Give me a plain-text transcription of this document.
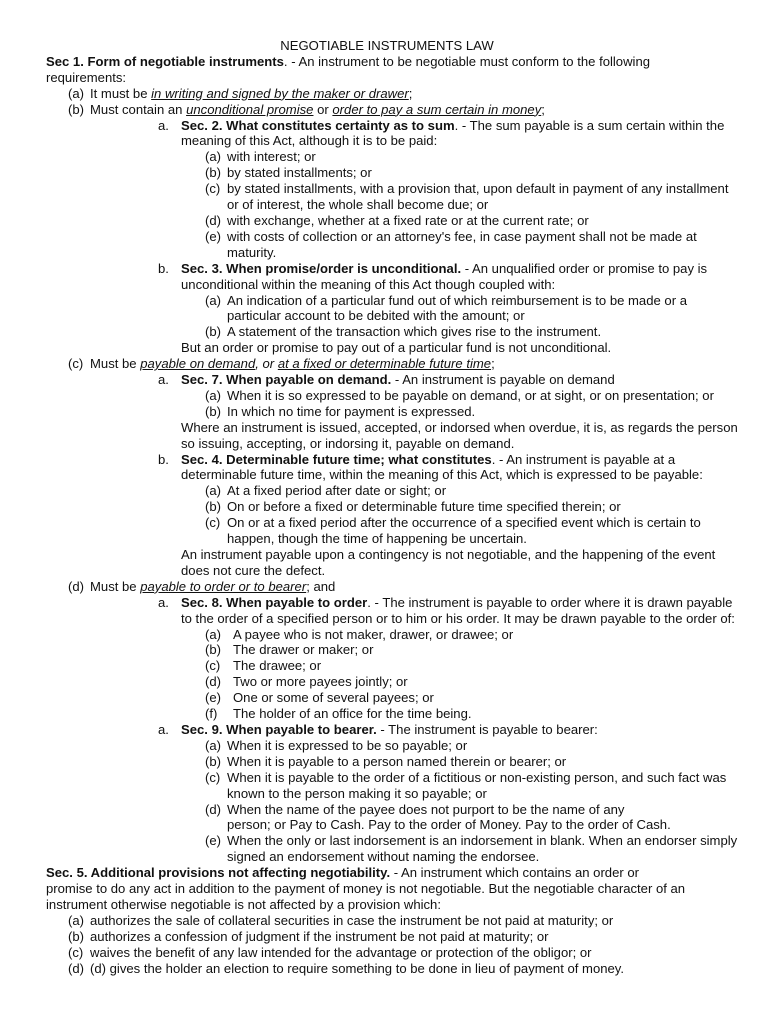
NEGOTIABLE INSTRUMENTS LAW
Sec 1. Form of negotiable instruments. - An instrument to be negotiable must conform to the following
requirements:
(a) It must be in writing and signed by the maker or drawer;
(b) Must contain an unconditional promise or order to pay a sum certain in money;
a. Sec. 2. What constitutes certainty as to sum. - The sum payable is a sum certain within the
meaning of this Act, although it is to be paid:
(a) with interest; or
(b) by stated installments; or
(c) by stated installments, with a provision that, upon default in payment of any installment
or of interest, the whole shall become due; or
(d) with exchange, whether at a fixed rate or at the current rate; or
(e) with costs of collection or an attorney's fee, in case payment shall not be made at
maturity.
b. Sec. 3. When promise/order is unconditional. - An unqualified order or promise to pay is
unconditional within the meaning of this Act though coupled with:
(a) An indication of a particular fund out of which reimbursement is to be made or a
particular account to be debited with the amount; or
(b) A statement of the transaction which gives rise to the instrument.
But an order or promise to pay out of a particular fund is not unconditional.
(c) Must be payable on demand, or at a fixed or determinable future time;
a. Sec. 7. When payable on demand. - An instrument is payable on demand
(a) When it is so expressed to be payable on demand, or at sight, or on presentation; or
(b) In which no time for payment is expressed.
Where an instrument is issued, accepted, or indorsed when overdue, it is, as regards the person
so issuing, accepting, or indorsing it, payable on demand.
b. Sec. 4. Determinable future time; what constitutes. - An instrument is payable at a
determinable future time, within the meaning of this Act, which is expressed to be payable:
(a) At a fixed period after date or sight; or
(b) On or before a fixed or determinable future time specified therein; or
(c) On or at a fixed period after the occurrence of a specified event which is certain to
happen, though the time of happening be uncertain.
An instrument payable upon a contingency is not negotiable, and the happening of the event
does not cure the defect.
(d) Must be payable to order or to bearer; and
a. Sec. 8. When payable to order. - The instrument is payable to order where it is drawn payable
to the order of a specified person or to him or his order. It may be drawn payable to the order of:
(a) A payee who is not maker, drawer, or drawee; or
(b) The drawer or maker; or
(c) The drawee; or
(d) Two or more payees jointly; or
(e) One or some of several payees; or
(f) The holder of an office for the time being.
a. Sec. 9. When payable to bearer. - The instrument is payable to bearer:
(a) When it is expressed to be so payable; or
(b) When it is payable to a person named therein or bearer; or
(c) When it is payable to the order of a fictitious or non-existing person, and such fact was
known to the person making it so payable; or
(d) When the name of the payee does not purport to be the name of any
person; or Pay to Cash. Pay to the order of Money. Pay to the order of Cash.
(e) When the only or last indorsement is an indorsement in blank. When an endorser simply
signed an endorsement without naming the endorsee.
Sec. 5. Additional provisions not affecting negotiability. - An instrument which contains an order or
promise to do any act in addition to the payment of money is not negotiable. But the negotiable character of an
instrument otherwise negotiable is not affected by a provision which:
(a) authorizes the sale of collateral securities in case the instrument be not paid at maturity; or
(b) authorizes a confession of judgment if the instrument be not paid at maturity; or
(c) waives the benefit of any law intended for the advantage or protection of the obligor; or
(d) (d) gives the holder an election to require something to be done in lieu of payment of money.
